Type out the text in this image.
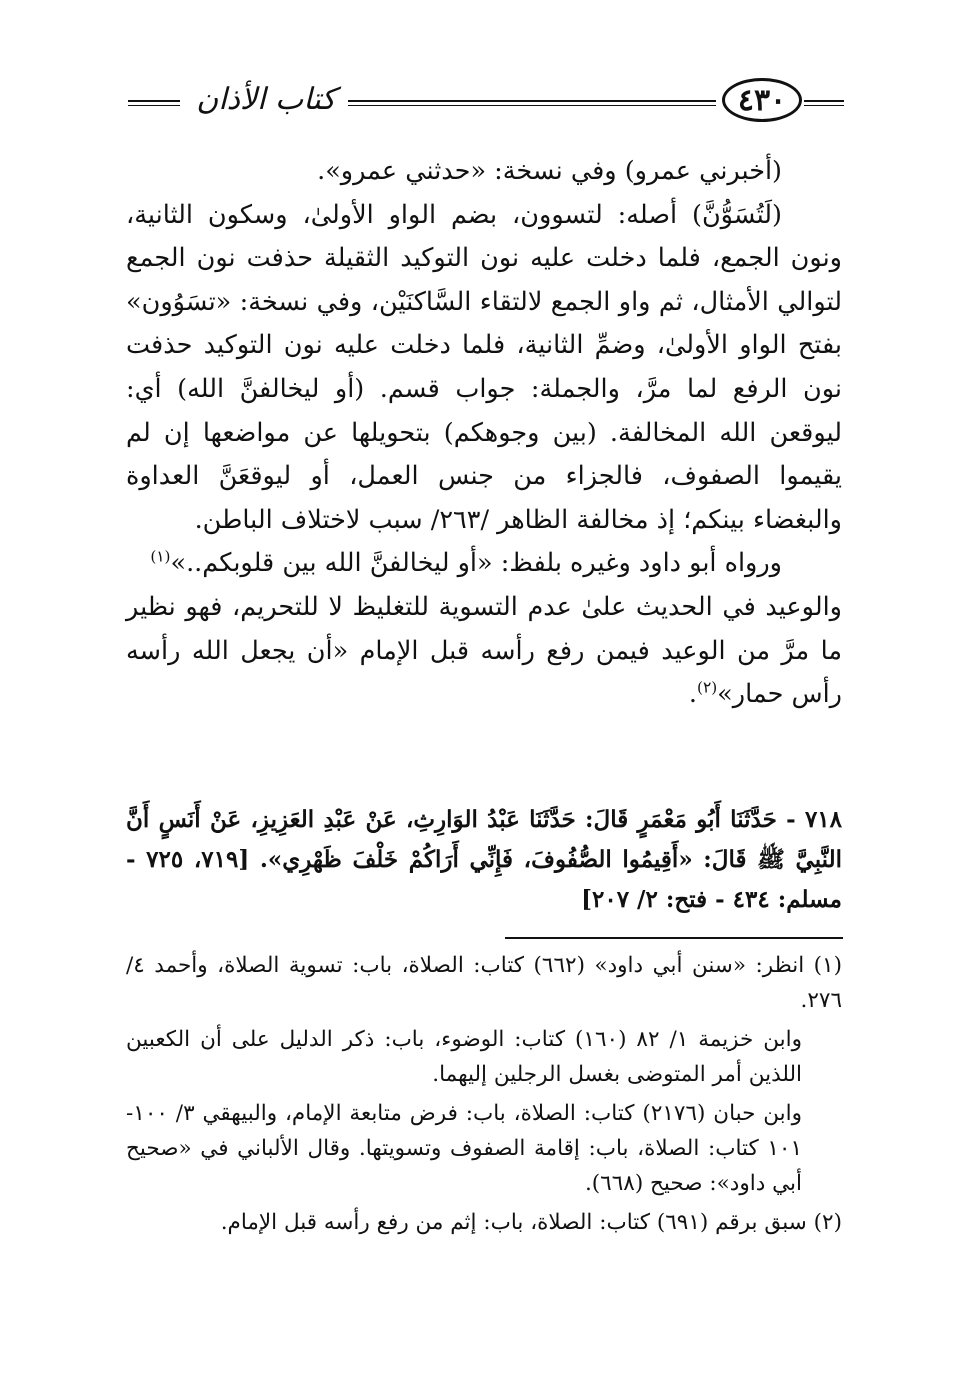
كتاب الأذان	٤٣٠

(أخبرني عمرو) وفي نسخة: «حدثني عمرو».

(لَتُسَوُّنَّ) أصله: لتسوون، بضم الواو الأولىٰ، وسكون الثانية، ونون الجمع، فلما دخلت عليه نون التوكيد الثقيلة حذفت نون الجمع لتوالي الأمثال، ثم واو الجمع لالتقاء السَّاكنَيْن، وفي نسخة: «تسَوُون» بفتح الواو الأولىٰ، وضمِّ الثانية، فلما دخلت عليه نون التوكيد حذفت نون الرفع لما مرَّ، والجملة: جواب قسم. (أو ليخالفنَّ الله) أي: ليوقعن الله المخالفة. (بين وجوهكم) بتحويلها عن مواضعها إن لم يقيموا الصفوف، فالجزاء من جنس العمل، أو ليوقعَنَّ العداوة والبغضاء بينكم؛ إذ مخالفة الظاهر /٢٦٣/ سبب لاختلاف الباطن.

ورواه أبو داود وغيره بلفظ: «أو ليخالفنَّ الله بين قلوبكم..»$^{(١)}$

والوعيد في الحديث علىٰ عدم التسوية للتغليظ لا للتحريم، فهو نظير ما مرَّ من الوعيد فيمن رفع رأسه قبل الإمام «أن يجعل الله رأسه رأس حمار»$^{(٢)}$.

٧١٨ - حَدَّثَنَا أَبُو مَعْمَرٍ قَالَ: حَدَّثَنَا عَبْدُ الوَارِثِ، عَنْ عَبْدِ العَزِيزِ، عَنْ أَنَسٍ أَنَّ النَّبِيَّ ﷺ قَالَ: «أَقِيمُوا الصُّفُوفَ، فَإِنِّي أَرَاكُمْ خَلْفَ ظَهْرِي». [٧١٩، ٧٢٥ - مسلم: ٤٣٤ - فتح: ٢/ ٢٠٧]

(١) انظر: «سنن أبي داود» (٦٦٢) كتاب: الصلاة، باب: تسوية الصلاة، وأحمد ٤/ ٢٧٦.

وابن خزيمة ١/ ٨٢ (١٦٠) كتاب: الوضوء، باب: ذكر الدليل على أن الكعبين اللذين أمر المتوضى بغسل الرجلين إليهما.

وابن حبان (٢١٧٦) كتاب: الصلاة، باب: فرض متابعة الإمام، والبيهقي ٣/ ١٠٠- ١٠١ كتاب: الصلاة، باب: إقامة الصفوف وتسويتها. وقال الألباني في «صحيح أبي داود»: صحيح (٦٦٨).

(٢) سبق برقم (٦٩١) كتاب: الصلاة، باب: إثم من رفع رأسه قبل الإمام.
